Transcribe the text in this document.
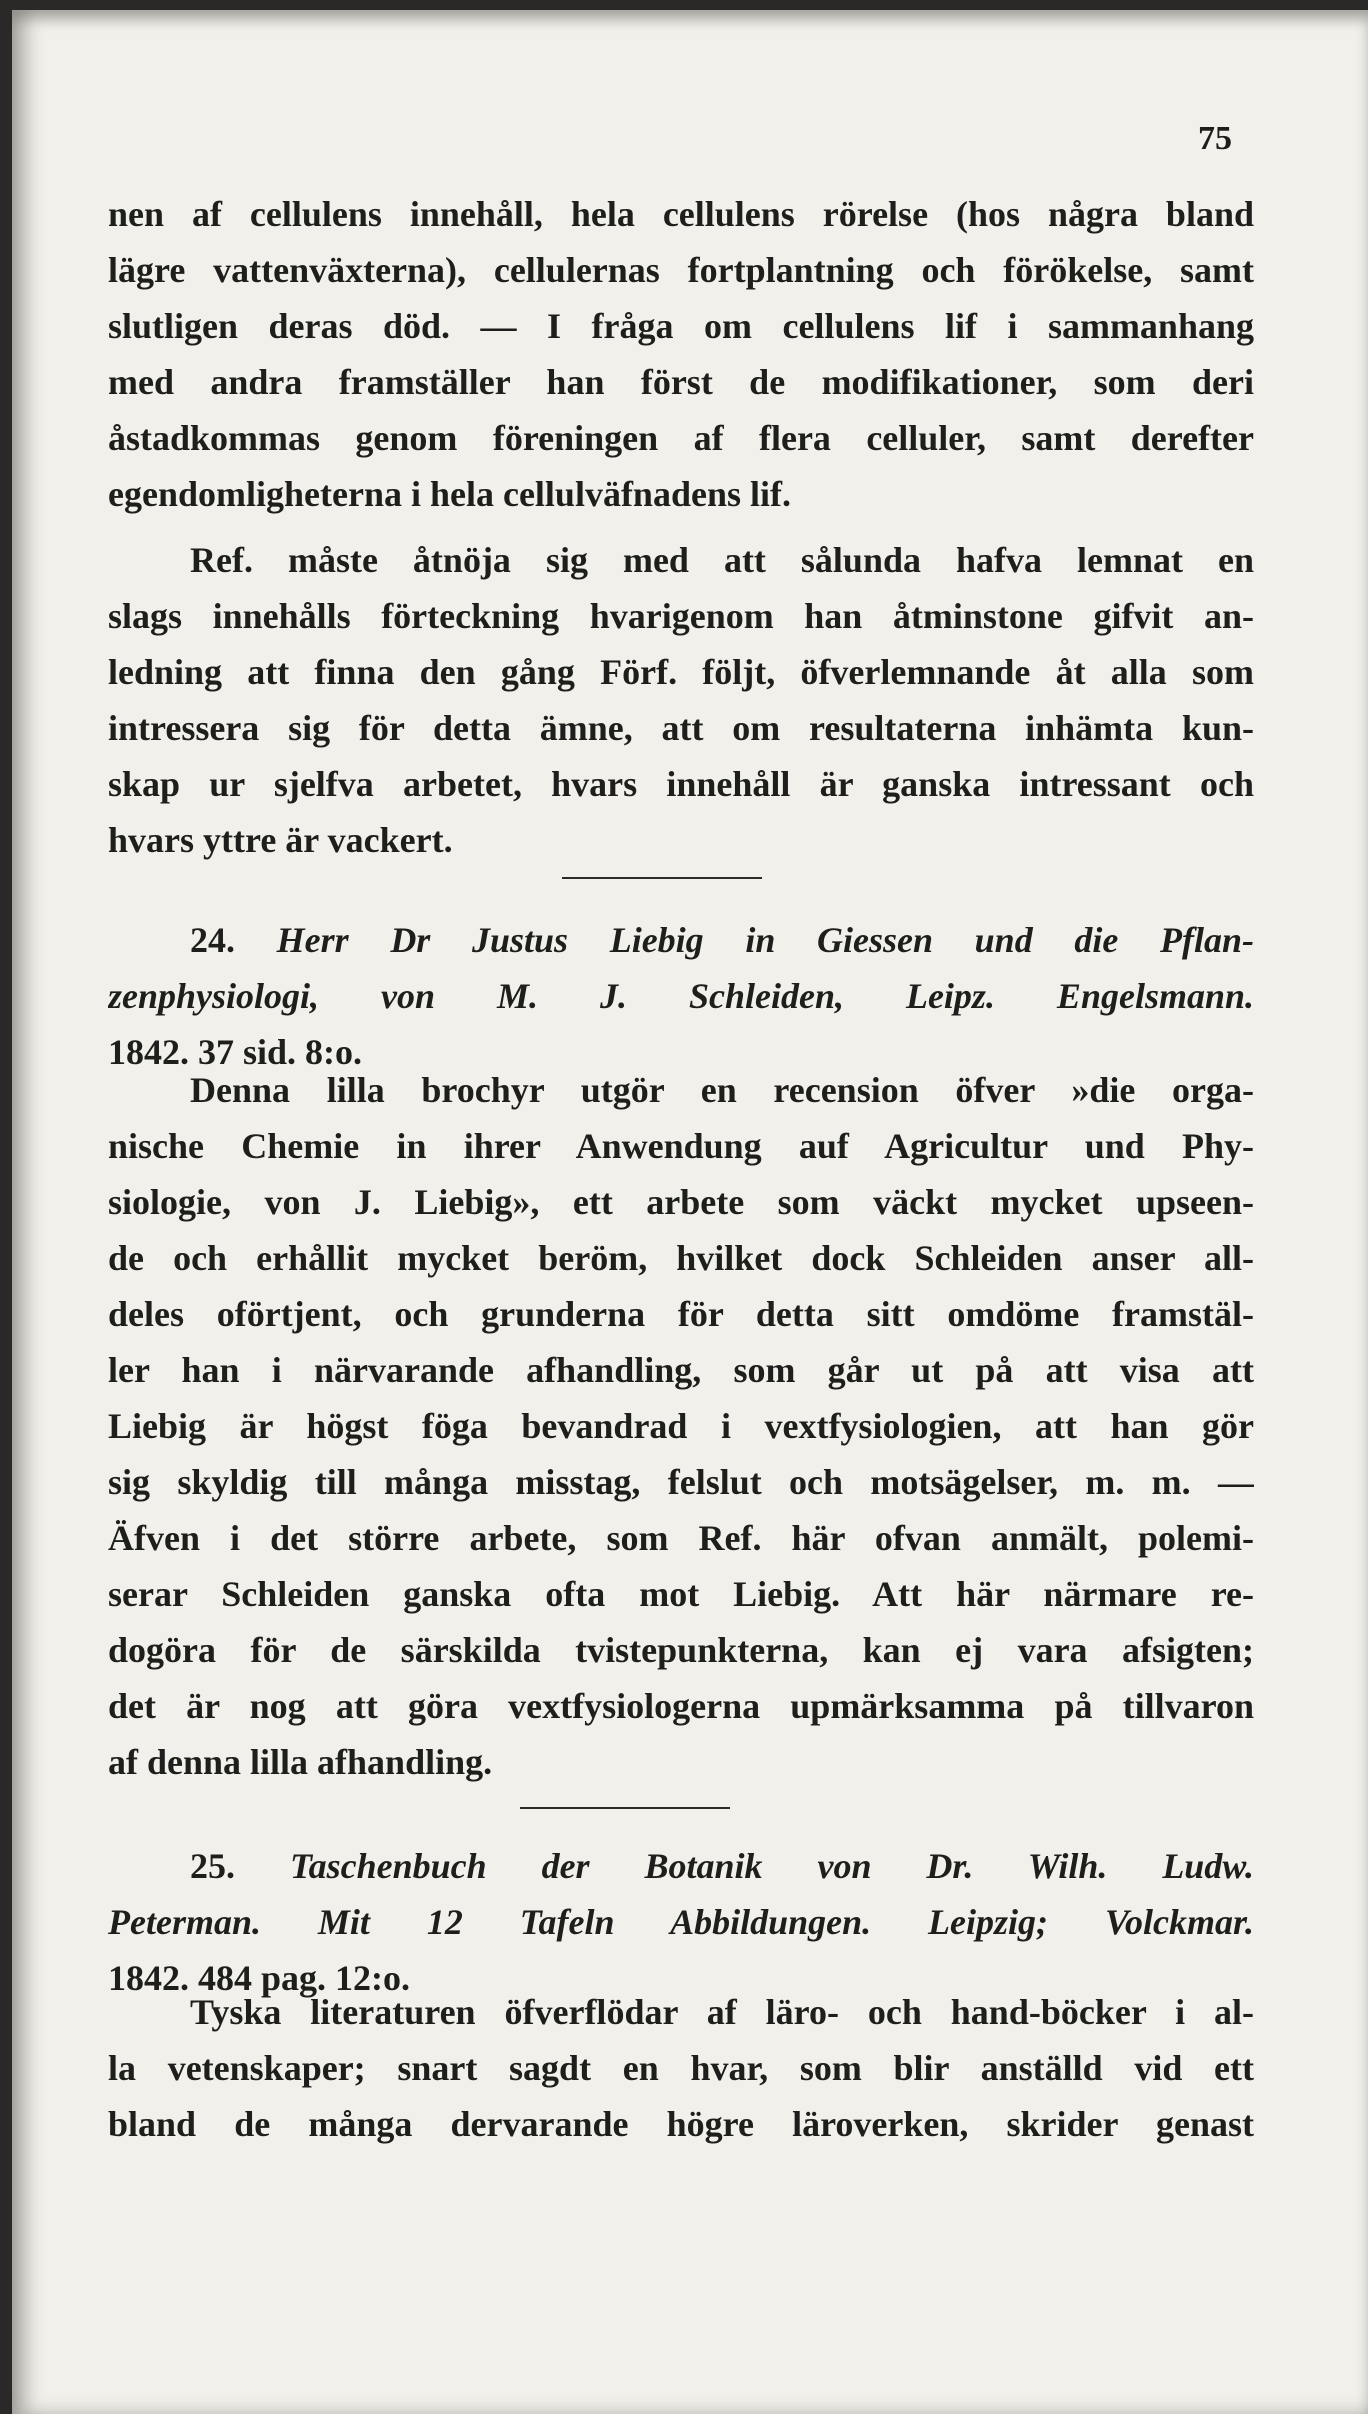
75
nen af cellulens innehåll, hela cellulens rörelse (hos några bland
lägre vattenväxterna), cellulernas fortplantning och förökelse, samt
slutligen deras död. — I fråga om cellulens lif i sammanhang
med andra framställer han först de modifikationer, som deri
åstadkommas genom föreningen af flera celluler, samt derefter
egendomligheterna i hela cellulväfnadens lif.
Ref. måste åtnöja sig med att sålunda hafva lemnat en
slags innehålls förteckning hvarigenom han åtminstone gifvit an-
ledning att finna den gång Förf. följt, öfverlemnande åt alla som
intressera sig för detta ämne, att om resultaterna inhämta kun-
skap ur sjelfva arbetet, hvars innehåll är ganska intressant och
hvars yttre är vackert.
24. Herr Dr Justus Liebig in Giessen und die Pflan-
zenphysiologi, von M. J. Schleiden, Leipz. Engelsmann.
1842. 37 sid. 8:o.
Denna lilla brochyr utgör en recension öfver »die orga-
nische Chemie in ihrer Anwendung auf Agricultur und Phy-
siologie, von J. Liebig», ett arbete som väckt mycket upseen-
de och erhållit mycket beröm, hvilket dock Schleiden anser all-
deles oförtjent, och grunderna för detta sitt omdöme framstäl-
ler han i närvarande afhandling, som går ut på att visa att
Liebig är högst föga bevandrad i vextfysiologien, att han gör
sig skyldig till många misstag, felslut och motsägelser, m. m. —
Äfven i det större arbete, som Ref. här ofvan anmält, polemi-
serar Schleiden ganska ofta mot Liebig. Att här närmare re-
dogöra för de särskilda tvistepunkterna, kan ej vara afsigten;
det är nog att göra vextfysiologerna upmärksamma på tillvaron
af denna lilla afhandling.
25. Taschenbuch der Botanik von Dr. Wilh. Ludw.
Peterman. Mit 12 Tafeln Abbildungen. Leipzig; Volckmar.
1842. 484 pag. 12:o.
Tyska literaturen öfverflödar af läro- och hand-böcker i al-
la vetenskaper; snart sagdt en hvar, som blir anställd vid ett
bland de många dervarande högre läroverken, skrider genast
